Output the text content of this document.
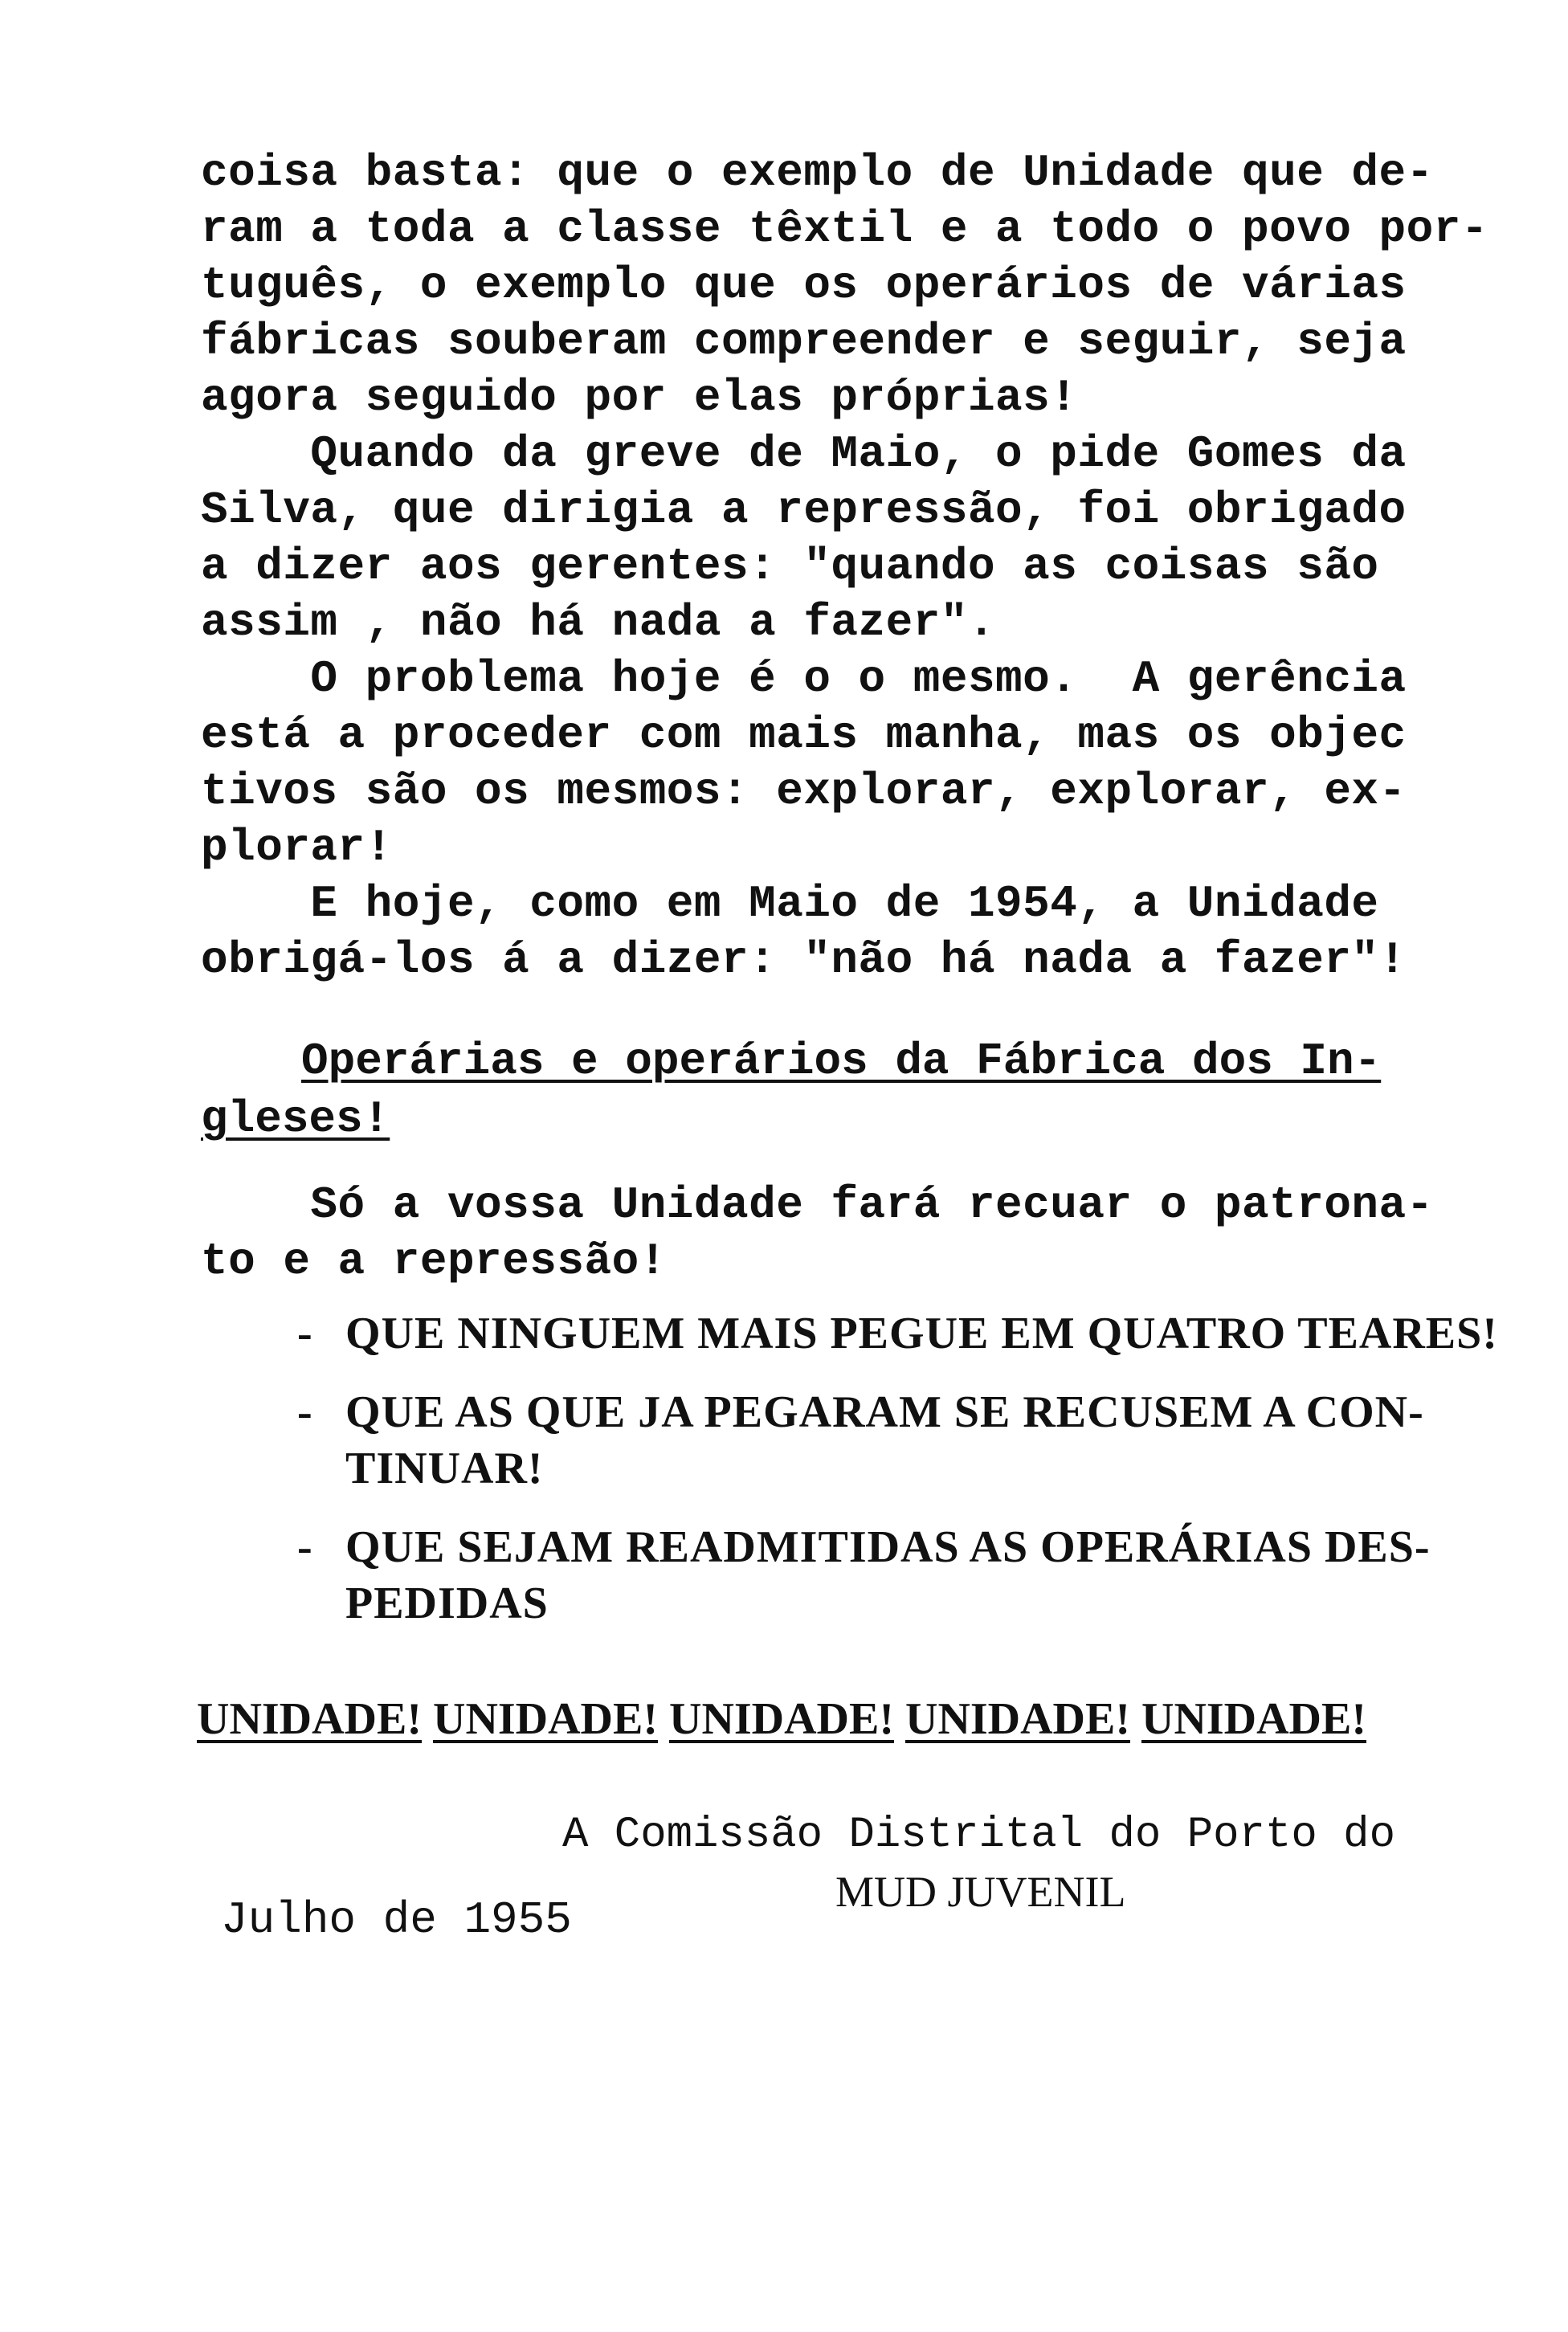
coisa basta: que o exemplo de Unidade que de-
ram a toda a classe têxtil e a todo o povo por-
tuguês, o exemplo que os operários de várias
fábricas souberam compreender e seguir, seja
agora seguido por elas próprias!
Quando da greve de Maio, o pide Gomes da
Silva, que dirigia a repressão, foi obrigado
a dizer aos gerentes: "quando as coisas são
assim , não há nada a fazer".
O problema hoje é o o mesmo.  A gerência
está a proceder com mais manha, mas os objec
tivos são os mesmos: explorar, explorar, ex-
plorar!
E hoje, como em Maio de 1954, a Unidade
obrigá-los á a dizer: "não há nada a fazer"!
Operárias e operários da Fábrica dos In-
gleses!
Só a vossa Unidade fará recuar o patrona-
to e a repressão!
- QUE NINGUEM MAIS PEGUE EM QUATRO TEARES!
- QUE AS QUE JA PEGARAM SE RECUSEM A CON-
TINUAR!
- QUE SEJAM READMITIDAS AS OPERÁRIAS DES-
PEDIDAS
UNIDADE! UNIDADE! UNIDADE! UNIDADE! UNIDADE!
A Comissão Distrital do Porto do
MUD JUVENIL
Julho de 1955
